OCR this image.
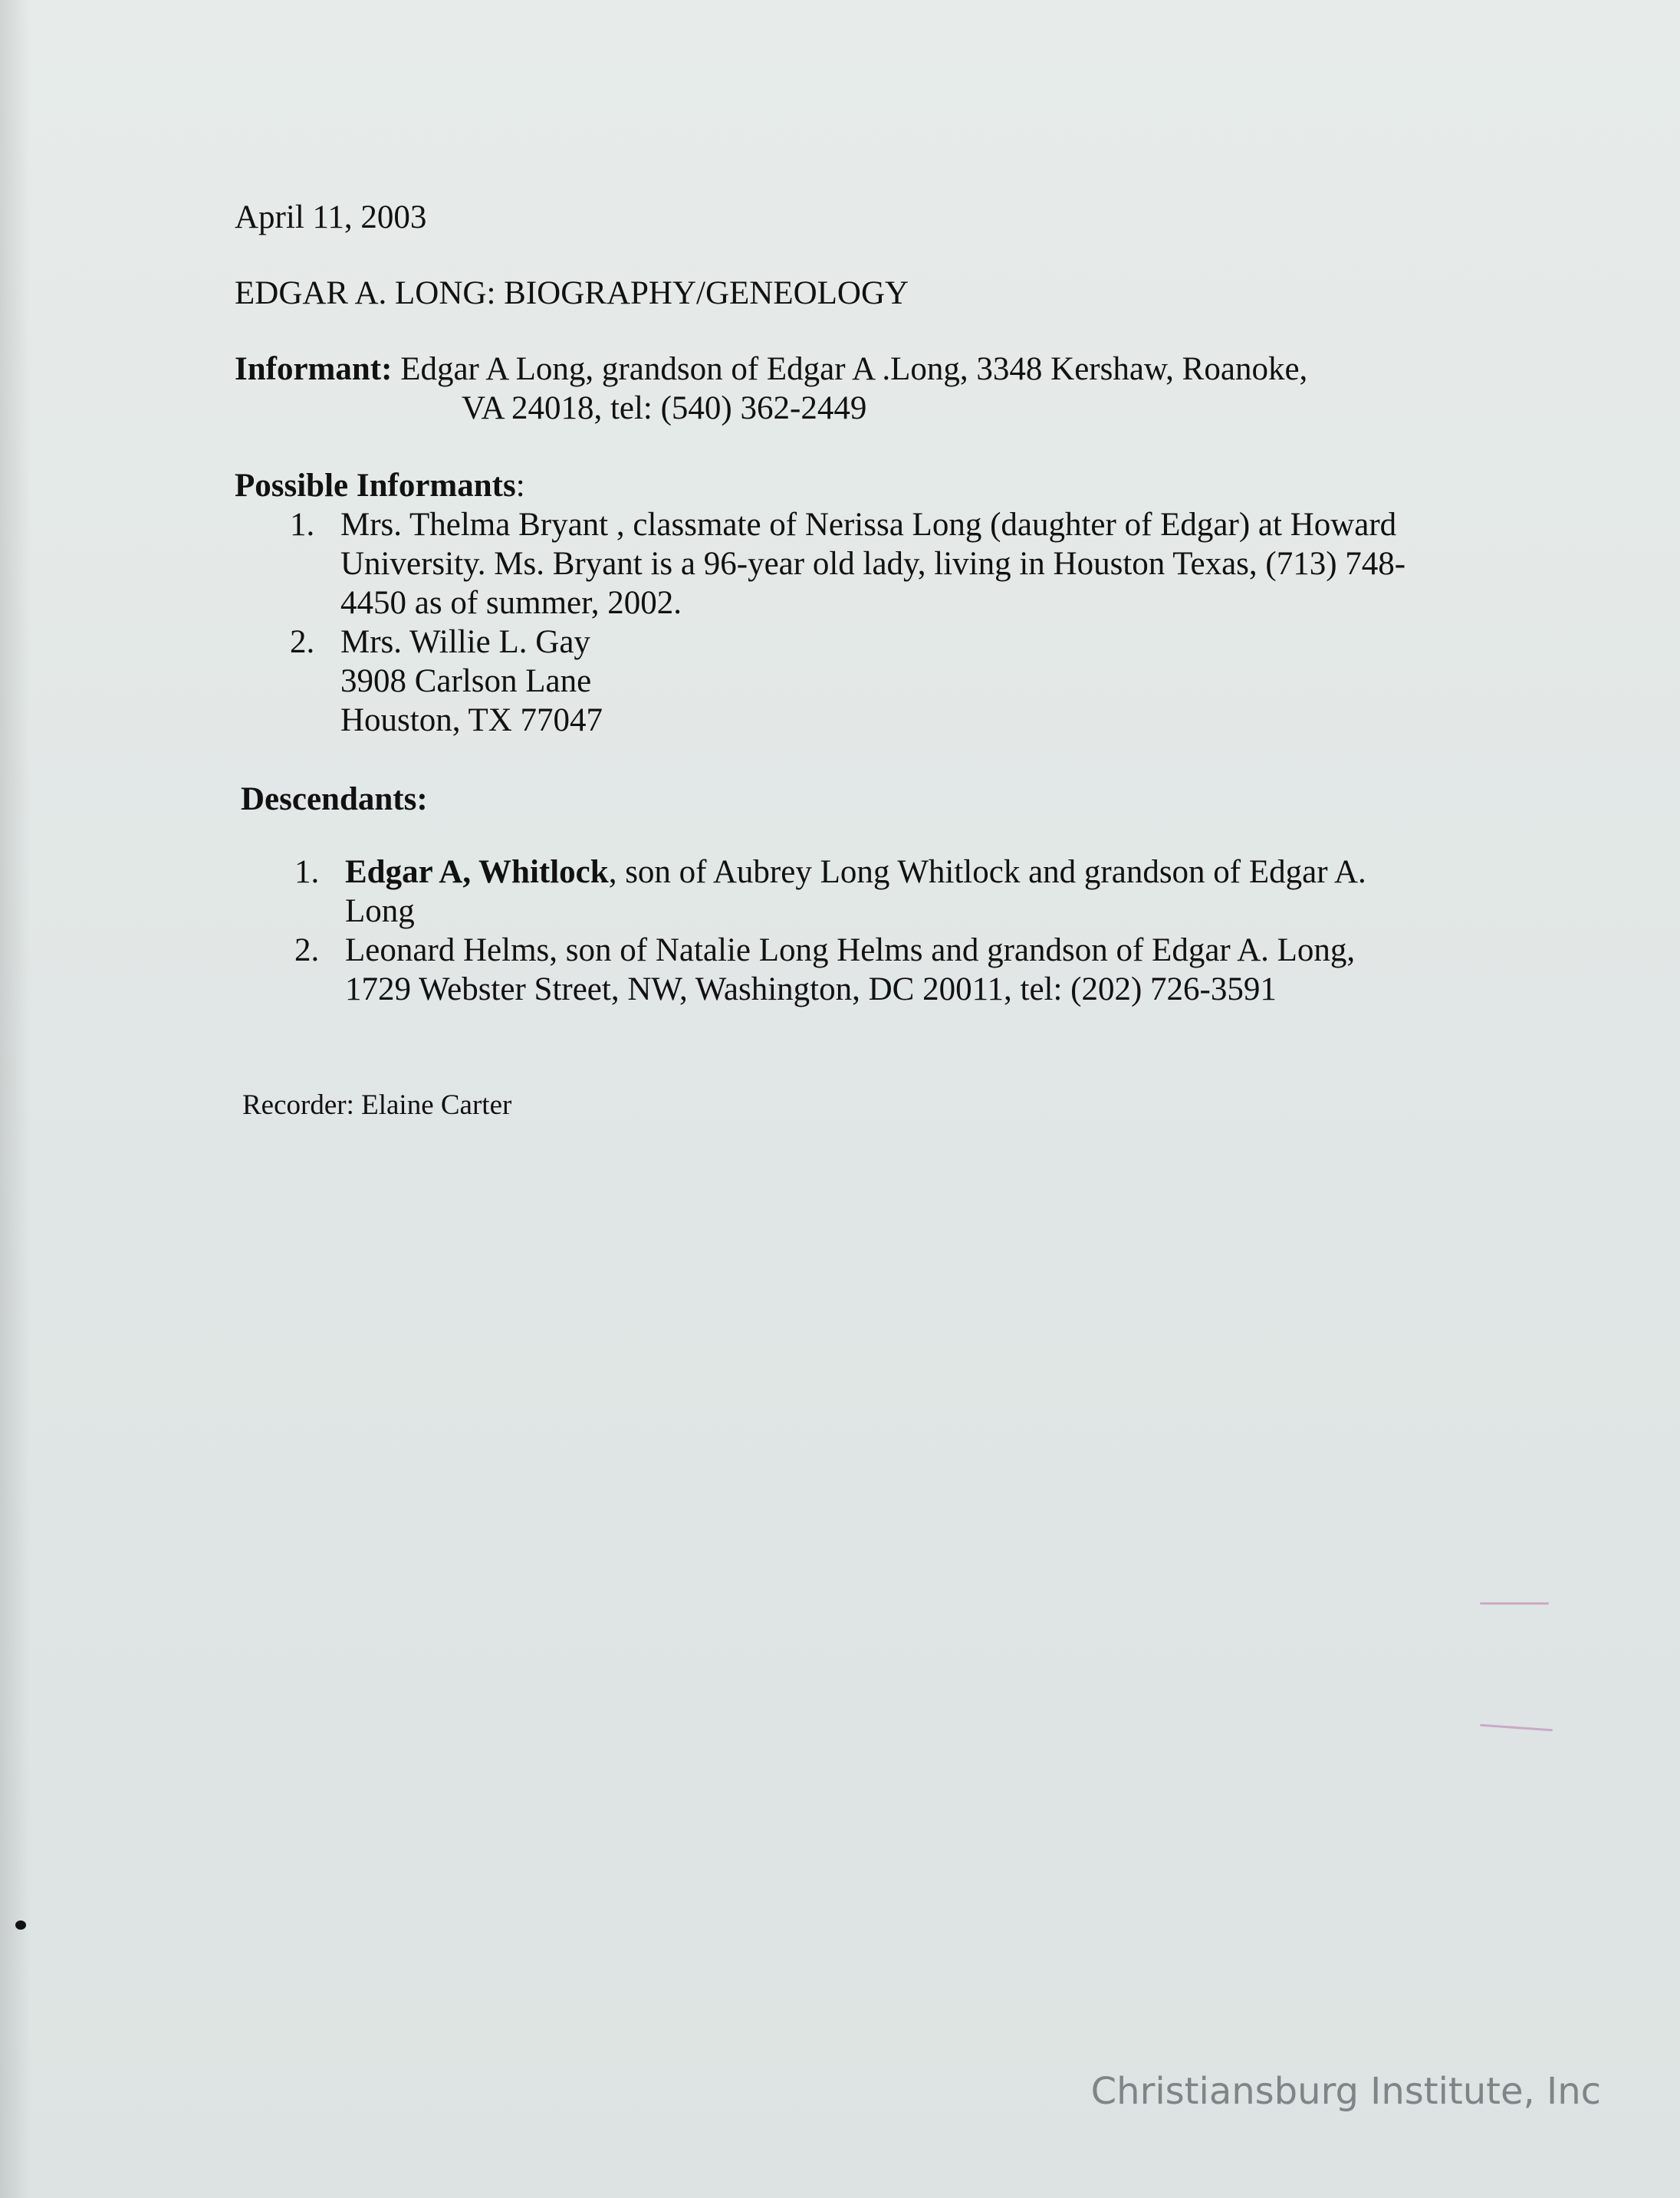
April 11, 2003

EDGAR A. LONG: BIOGRAPHY/GENEOLOGY

Informant: Edgar A Long, grandson of Edgar A .Long, 3348 Kershaw, Roanoke,

VA 24018, tel: (540) 362-2449

Possible Informants:

1. Mrs. Thelma Bryant , classmate of Nerissa Long (daughter of Edgar) at Howard
University. Ms. Bryant is a 96-year old lady, living in Houston Texas, (713) 748-
4450 as of summer, 2002.
2. Mrs. Willie L. Gay
3908 Carlson Lane
Houston, TX 77047

Descendants:

1. Edgar A, Whitlock, son of Aubrey Long Whitlock and grandson of Edgar A.
Long
2. Leonard Helms, son of Natalie Long Helms and grandson of Edgar A. Long,
1729 Webster Street, NW, Washington, DC 20011, tel: (202) 726-3591

Recorder: Elaine Carter

Christiansburg Institute, Inc
